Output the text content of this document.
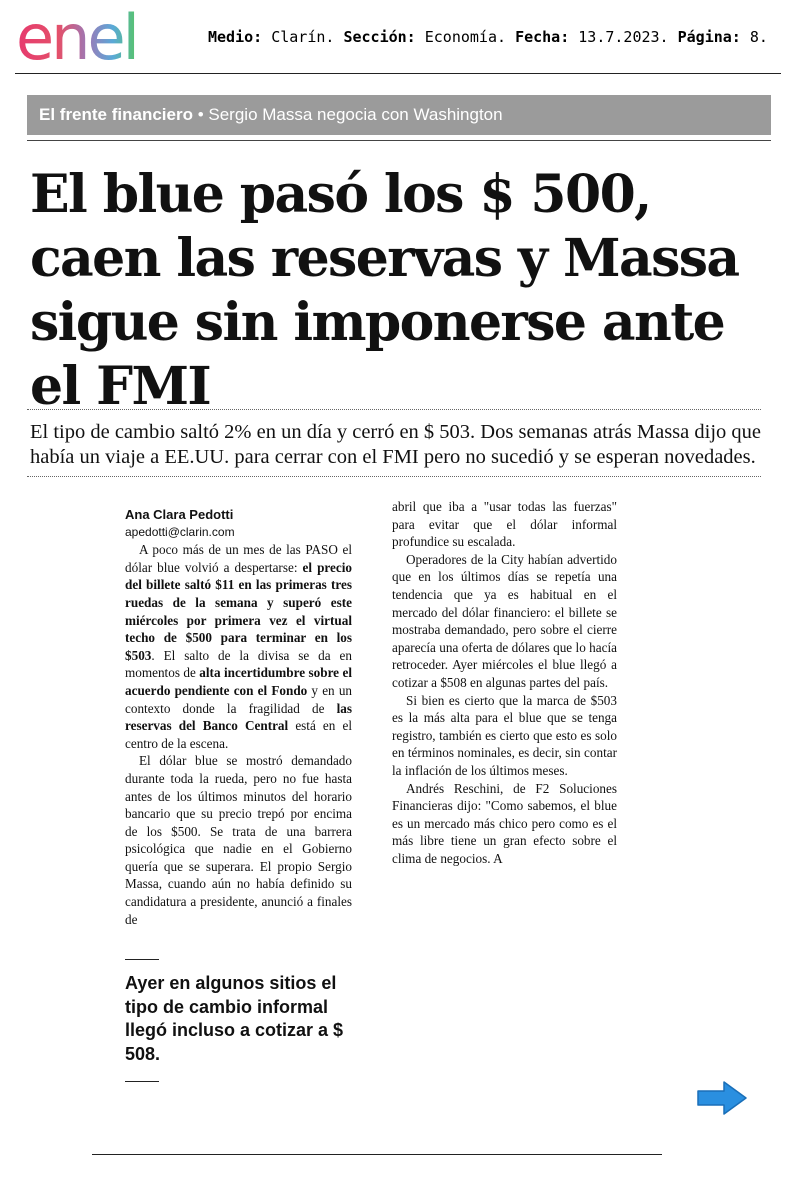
enel	Medio: Clarín. Sección: Economía. Fecha: 13.7.2023. Página: 8.
El frente financiero • Sergio Massa negocia con Washington
El blue pasó los $ 500, caen las reservas y Massa sigue sin imponerse ante el FMI

El tipo de cambio saltó 2% en un día y cerró en $ 503. Dos semanas atrás Massa dijo que había un viaje a EE.UU. para cerrar con el FMI pero no sucedió y se esperan novedades.

Ana Clara Pedotti

apedotti@clarin.com

A poco más de un mes de las PASO el dólar blue volvió a despertarse: el precio del billete saltó $11 en las primeras tres ruedas de la semana y superó este miércoles por primera vez el virtual techo de $500 para terminar en los $503. El salto de la divisa se da en momentos de alta incertidumbre sobre el acuerdo pendiente con el Fondo y en un contexto donde la fragilidad de las reservas del Banco Central está en el centro de la escena.

El dólar blue se mostró demandado durante toda la rueda, pero no fue hasta antes de los últimos minutos del horario bancario que su precio trepó por encima de los $500. Se trata de una barrera psicológica que nadie en el Gobierno quería que se superara. El propio Sergio Massa, cuando aún no había definido su candidatura a presidente, anunció a finales de

Ayer en algunos sitios el tipo de cambio informal llegó incluso a cotizar a $ 508.

abril que iba a "usar todas las fuerzas" para evitar que el dólar informal profundice su escalada.

Operadores de la City habían advertido que en los últimos días se repetía una tendencia que ya es habitual en el mercado del dólar financiero: el billete se mostraba demandado, pero sobre el cierre aparecía una oferta de dólares que lo hacía retroceder. Ayer miércoles el blue llegó a cotizar a $508 en algunas partes del país.

Si bien es cierto que la marca de $503 es la más alta para el blue que se tenga registro, también es cierto que esto es solo en términos nominales, es decir, sin contar la inflación de los últimos meses.

Andrés Reschini, de F2 Soluciones Financieras dijo: "Como sabemos, el blue es un mercado más chico pero como es el más libre tiene un gran efecto sobre el clima de negocios. A
